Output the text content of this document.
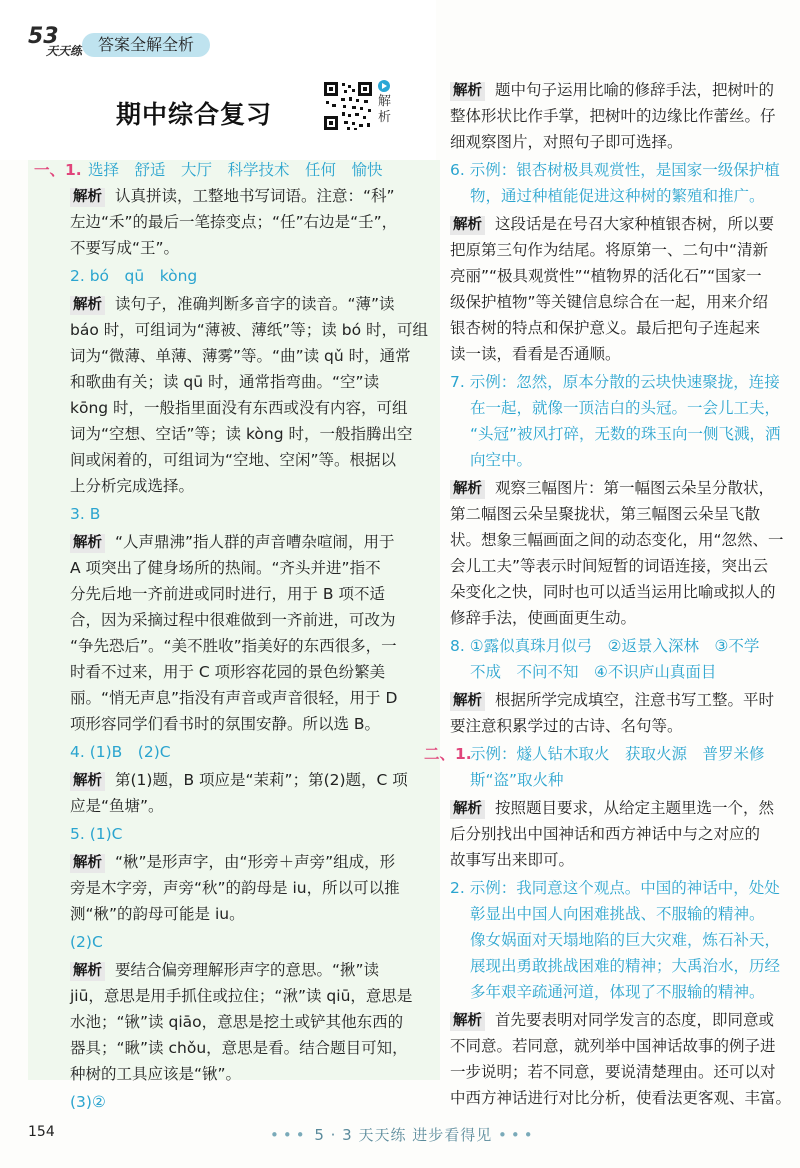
53
天天练 答案全解全析
期中综合复习	解析
一、1. 选择　舒适　大厅　科学技术　任何　愉快
解析 认真拼读，工整地书写词语。注意：“科”
左边“禾”的最后一笔捺变点；“任”右边是“壬”，
不要写成“王”。
2. bó　qū　kòng
解析 读句子，准确判断多音字的读音。“薄”读
báo 时，可组词为“薄被、薄纸”等；读 bó 时，可组
词为“微薄、单薄、薄雾”等。“曲”读 qǔ 时，通常
和歌曲有关；读 qū 时，通常指弯曲。“空”读
kōng 时，一般指里面没有东西或没有内容，可组
词为“空想、空话”等；读 kòng 时，一般指腾出空
间或闲着的，可组词为“空地、空闲”等。根据以
上分析完成选择。
3. B
解析 “人声鼎沸”指人群的声音嘈杂喧闹，用于
A 项突出了健身场所的热闹。“齐头并进”指不
分先后地一齐前进或同时进行，用于 B 项不适
合，因为采摘过程中很难做到一齐前进，可改为
“争先恐后”。“美不胜收”指美好的东西很多，一
时看不过来，用于 C 项形容花园的景色纷繁美
丽。“悄无声息”指没有声音或声音很轻，用于 D
项形容同学们看书时的氛围安静。所以选 B。
4. (1)B　(2)C
解析 第(1)题，B 项应是“茉莉”；第(2)题，C 项
应是“鱼塘”。
5. (1)C
解析 “楸”是形声字，由“形旁＋声旁”组成，形
旁是木字旁，声旁“秋”的韵母是 iu，所以可以推
测“楸”的韵母可能是 iu。
(2)C
解析 要结合偏旁理解形声字的意思。“揪”读
jiū，意思是用手抓住或拉住；“湫”读 qiū，意思是
水池；“锹”读 qiāo，意思是挖土或铲其他东西的
器具；“瞅”读 chǒu，意思是看。结合题目可知，
种树的工具应该是“锹”。
(3)②
解析 题中句子运用比喻的修辞手法，把树叶的
整体形状比作手掌，把树叶的边缘比作蕾丝。仔
细观察图片，对照句子即可选择。
6. 示例：银杏树极具观赏性，是国家一级保护植
物，通过种植能促进这种树的繁殖和推广。
解析 这段话是在号召大家种植银杏树，所以要
把原第三句作为结尾。将原第一、二句中“清新
亮丽”“极具观赏性”“植物界的活化石”“国家一
级保护植物”等关键信息综合在一起，用来介绍
银杏树的特点和保护意义。最后把句子连起来
读一读，看看是否通顺。
7. 示例：忽然，原本分散的云块快速聚拢，连接
在一起，就像一顶洁白的头冠。一会儿工夫，
“头冠”被风打碎，无数的珠玉向一侧飞溅，洒
向空中。
解析 观察三幅图片：第一幅图云朵呈分散状，
第二幅图云朵呈聚拢状，第三幅图云朵呈飞散
状。想象三幅画面之间的动态变化，用“忽然、一
会儿工夫”等表示时间短暂的词语连接，突出云
朵变化之快，同时也可以适当运用比喻或拟人的
修辞手法，使画面更生动。
8. ①露似真珠月似弓　②返景入深林　③不学
不成　不问不知　④不识庐山真面目
解析 根据所学完成填空，注意书写工整。平时
要注意积累学过的古诗、名句等。
二、1.
示例：燧人钻木取火　获取火源　普罗米修
斯“盗”取火种
解析 按照题目要求，从给定主题里选一个，然
后分别找出中国神话和西方神话中与之对应的
故事写出来即可。
2. 示例：我同意这个观点。中国的神话中，处处
彰显出中国人向困难挑战、不服输的精神。
像女娲面对天塌地陷的巨大灾难，炼石补天，
展现出勇敢挑战困难的精神；大禹治水，历经
多年艰辛疏通河道，体现了不服输的精神。
解析 首先要表明对同学发言的态度，即同意或
不同意。若同意，就列举中国神话故事的例子进
一步说明；若不同意，要说清楚理由。还可以对
中西方神话进行对比分析，使看法更客观、丰富。
154	••• 5 · 3 天天练 进步看得见 •••
